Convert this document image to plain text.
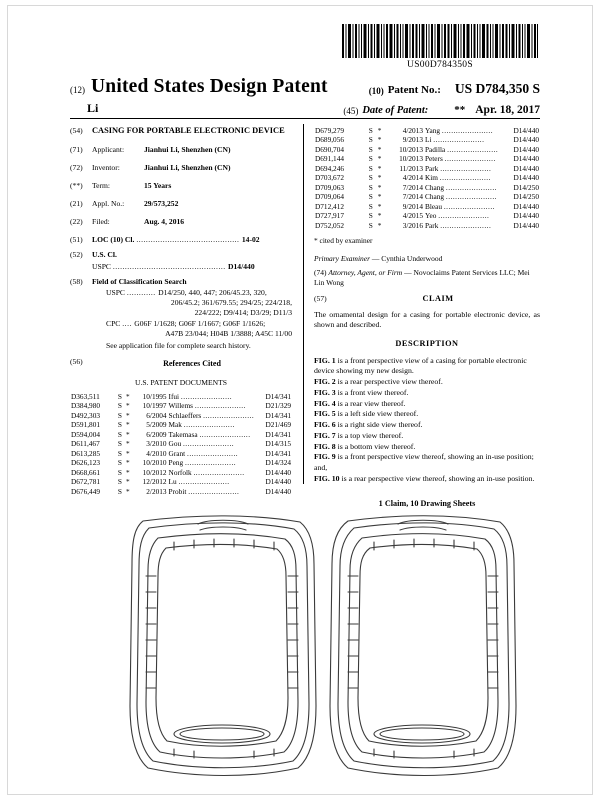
US00D784350S
(12) United States Design Patent	(10) Patent No.: US D784,350 S
Li	(45) Date of Patent: ** Apr. 18, 2017
(54)	CASING FOR PORTABLE ELECTRONIC DEVICE
(71)	Applicant:	Jianhui Li, Shenzhen (CN)
(72)	Inventor:	Jianhui Li, Shenzhen (CN)
(**)	Term:	15 Years
(21)	Appl. No.:	29/573,252
(22)	Filed:	Aug. 4, 2016
(51)	LOC (10) Cl. ........................................... 14-02
(52)	U.S. Cl.
USPC ............................................... D14/440
(58)	Field of Classification Search
USPC ............ D14/250, 440, 447; 206/45.23, 320,
206/45.2; 361/679.55; 294/25; 224/218,
224/222; D9/414; D3/29; D11/3
CPC .... G06F 1/1628; G06F 1/1667; G06F 1/1626;
A47B 23/044; H04B 1/3888; A45C 11/00
See application file for complete search history.
(56)	References Cited
U.S. PATENT DOCUMENTS
D363,511	S	*	10/1995	Ifui ......................	D14/341
D384,980	S	*	10/1997	Willems ......................	D21/329
D492,303	S	*	6/2004	Schlaeffers ......................	D14/341
D591,801	S	*	5/2009	Mak ......................	D21/469
D594,004	S	*	6/2009	Takemasa ......................	D14/341
D611,467	S	*	3/2010	Gou ......................	D14/315
D613,285	S	*	4/2010	Grant ......................	D14/341
D626,123	S	*	10/2010	Peng ......................	D14/324
D668,661	S	*	10/2012	Norfolk ......................	D14/440
D672,781	S	*	12/2012	Lu ......................	D14/440
D676,449	S	*	2/2013	Probit ......................	D14/440
D679,279	S	*	4/2013	Yang ......................	D14/440
D689,056	S	*	9/2013	Li ......................	D14/440
D690,704	S	*	10/2013	Padilla ......................	D14/440
D691,144	S	*	10/2013	Peters ......................	D14/440
D694,246	S	*	11/2013	Park ......................	D14/440
D703,672	S	*	4/2014	Kim ......................	D14/440
D709,063	S	*	7/2014	Chang ......................	D14/250
D709,064	S	*	7/2014	Chang ......................	D14/250
D712,412	S	*	9/2014	Bleau ......................	D14/440
D727,917	S	*	4/2015	Yeo ......................	D14/440
D752,052	S	*	3/2016	Park ......................	D14/440
* cited by examiner
Primary Examiner — Cynthia Underwood
(74) Attorney, Agent, or Firm — Novoclaims Patent Services LLC; Mei Lin Wong
(57)	CLAIM
The ornamental design for a casing for portable electronic device, as shown and described.
DESCRIPTION
FIG. 1 is a front perspective view of a casing for portable electronic device showing my new design.
FIG. 2 is a rear perspective view thereof.
FIG. 3 is a front view thereof.
FIG. 4 is a rear view thereof.
FIG. 5 is a left side view thereof.
FIG. 6 is a right side view thereof.
FIG. 7 is a top view thereof.
FIG. 8 is a bottom view thereof.
FIG. 9 is a front perspective view thereof, showing an in-use position; and,
FIG. 10 is a rear perspective view thereof, showing an in-use position.
1 Claim, 10 Drawing Sheets
